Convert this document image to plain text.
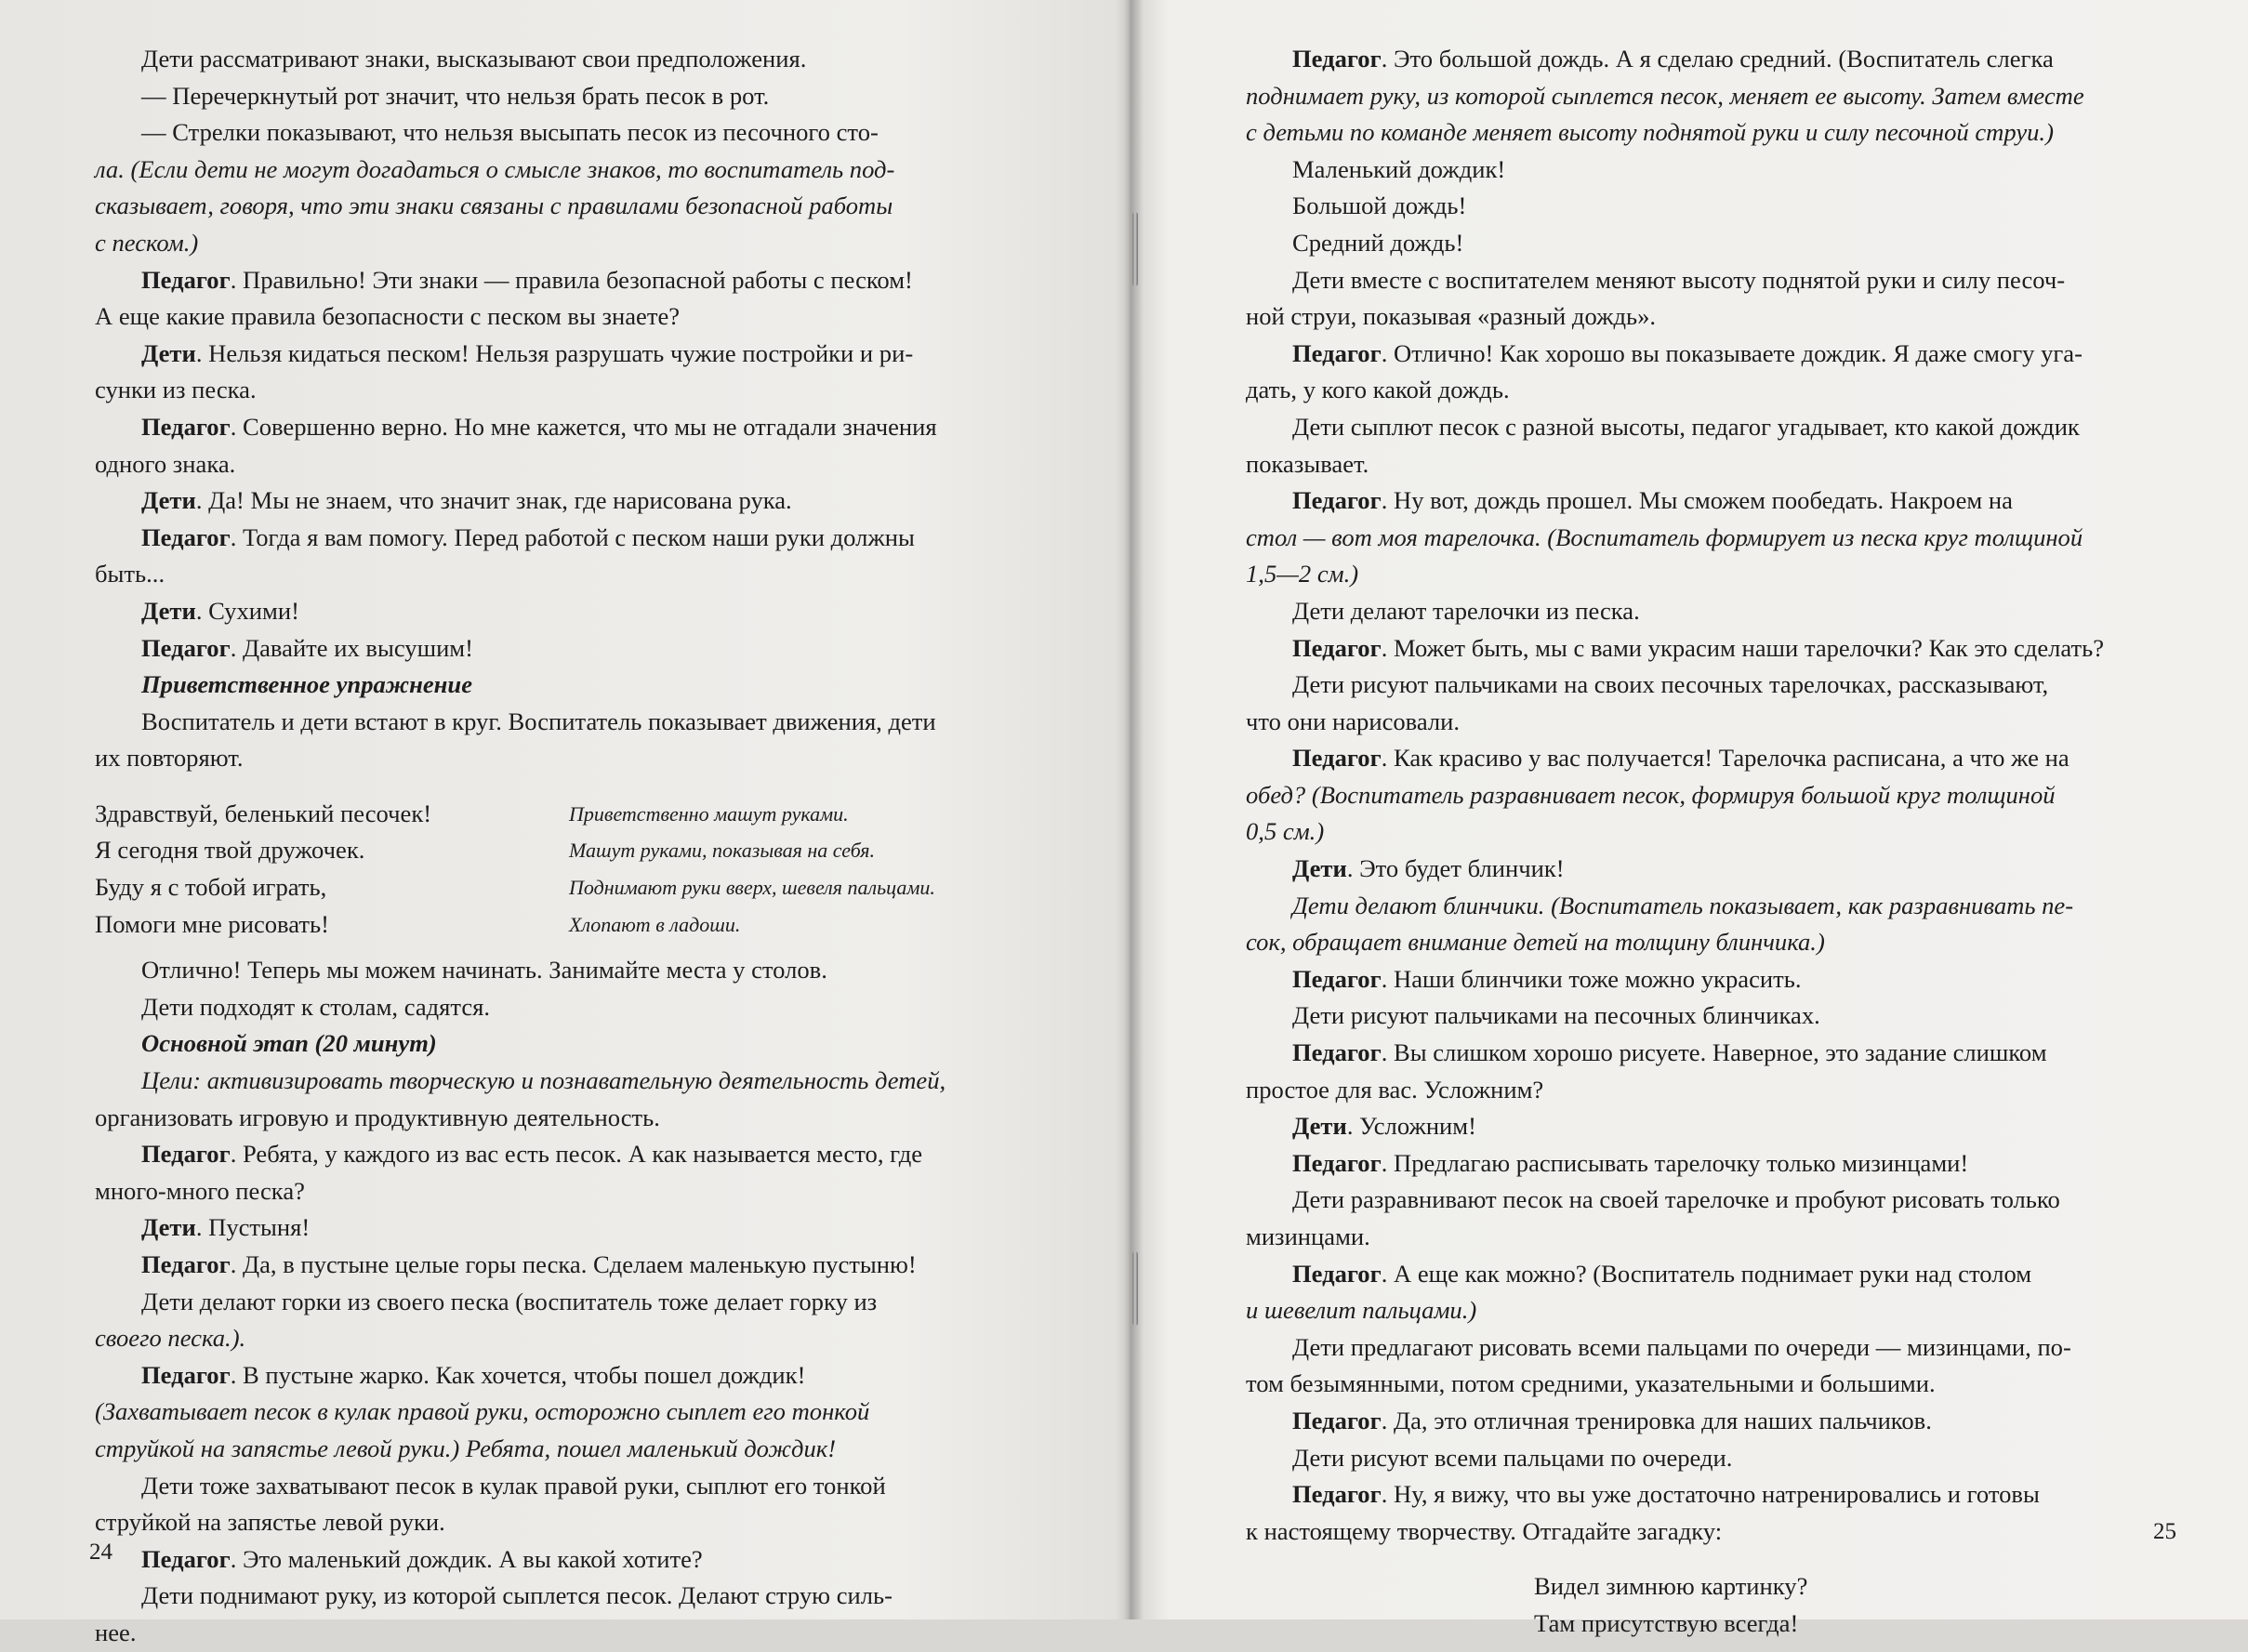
Дети рассматривают знаки, высказывают свои предположения.

— Перечеркнутый рот значит, что нельзя брать песок в рот.

— Стрелки показывают, что нельзя высыпать песок из песочного сто-

ла. (Если дети не могут догадаться о смысле знаков, то воспитатель под-

сказывает, говоря, что эти знаки связаны с правилами безопасной работы

с песком.)

Педагог. Правильно! Эти знаки — правила безопасной работы с песком!

А еще какие правила безопасности с песком вы знаете?

Дети. Нельзя кидаться песком! Нельзя разрушать чужие постройки и ри-

сунки из песка.

Педагог. Совершенно верно. Но мне кажется, что мы не отгадали значения

одного знака.

Дети. Да! Мы не знаем, что значит знак, где нарисована рука.

Педагог. Тогда я вам помогу. Перед работой с песком наши руки должны

быть...

Дети. Сухими!

Педагог. Давайте их высушим!

Приветственное упражнение

Воспитатель и дети встают в круг. Воспитатель показывает движения, дети

их повторяют.

Здравствуй, беленький песочек!	Приветственно машут руками.
Я сегодня твой дружочек.	Машут руками, показывая на себя.
Буду я с тобой играть,	Поднимают руки вверх, шевеля пальцами.
Помоги мне рисовать!	Хлопают в ладоши.

Отлично! Теперь мы можем начинать. Занимайте места у столов.

Дети подходят к столам, садятся.

Основной этап (20 минут)

Цели: активизировать творческую и познавательную деятельность детей,

организовать игровую и продуктивную деятельность.

Педагог. Ребята, у каждого из вас есть песок. А как называется место, где

много-много песка?

Дети. Пустыня!

Педагог. Да, в пустыне целые горы песка. Сделаем маленькую пустыню!

Дети делают горки из своего песка (воспитатель тоже делает горку из

своего песка.).

Педагог. В пустыне жарко. Как хочется, чтобы пошел дождик!

(Захватывает песок в кулак правой руки, осторожно сыплет его тонкой

струйкой на запястье левой руки.) Ребята, пошел маленький дождик!

Дети тоже захватывают песок в кулак правой руки, сыплют его тонкой

струйкой на запястье левой руки.

Педагог. Это маленький дождик. А вы какой хотите?

Дети поднимают руку, из которой сыплется песок. Делают струю силь-

нее.

24

Педагог. Это большой дождь. А я сделаю средний. (Воспитатель слегка

поднимает руку, из которой сыплется песок, меняет ее высоту. Затем вместе

с детьми по команде меняет высоту поднятой руки и силу песочной струи.)

Маленький дождик!

Большой дождь!

Средний дождь!

Дети вместе с воспитателем меняют высоту поднятой руки и силу песоч-

ной струи, показывая «разный дождь».

Педагог. Отлично! Как хорошо вы показываете дождик. Я даже смогу уга-

дать, у кого какой дождь.

Дети сыплют песок с разной высоты, педагог угадывает, кто какой дождик

показывает.

Педагог. Ну вот, дождь прошел. Мы сможем пообедать. Накроем на

стол — вот моя тарелочка. (Воспитатель формирует из песка круг толщиной

1,5—2 см.)

Дети делают тарелочки из песка.

Педагог. Может быть, мы с вами украсим наши тарелочки? Как это сделать?

Дети рисуют пальчиками на своих песочных тарелочках, рассказывают,

что они нарисовали.

Педагог. Как красиво у вас получается! Тарелочка расписана, а что же на

обед? (Воспитатель разравнивает песок, формируя большой круг толщиной

0,5 см.)

Дети. Это будет блинчик!

Дети делают блинчики. (Воспитатель показывает, как разравнивать пе-

сок, обращает внимание детей на толщину блинчика.)

Педагог. Наши блинчики тоже можно украсить.

Дети рисуют пальчиками на песочных блинчиках.

Педагог. Вы слишком хорошо рисуете. Наверное, это задание слишком

простое для вас. Усложним?

Дети. Усложним!

Педагог. Предлагаю расписывать тарелочку только мизинцами!

Дети разравнивают песок на своей тарелочке и пробуют рисовать только

мизинцами.

Педагог. А еще как можно? (Воспитатель поднимает руки над столом

и шевелит пальцами.)

Дети предлагают рисовать всеми пальцами по очереди — мизинцами, по-

том безымянными, потом средними, указательными и большими.

Педагог. Да, это отличная тренировка для наших пальчиков.

Дети рисуют всеми пальцами по очереди.

Педагог. Ну, я вижу, что вы уже достаточно натренировались и готовы

к настоящему творчеству. Отгадайте загадку:

Видел зимнюю картинку?

Там присутствую всегда!

25
